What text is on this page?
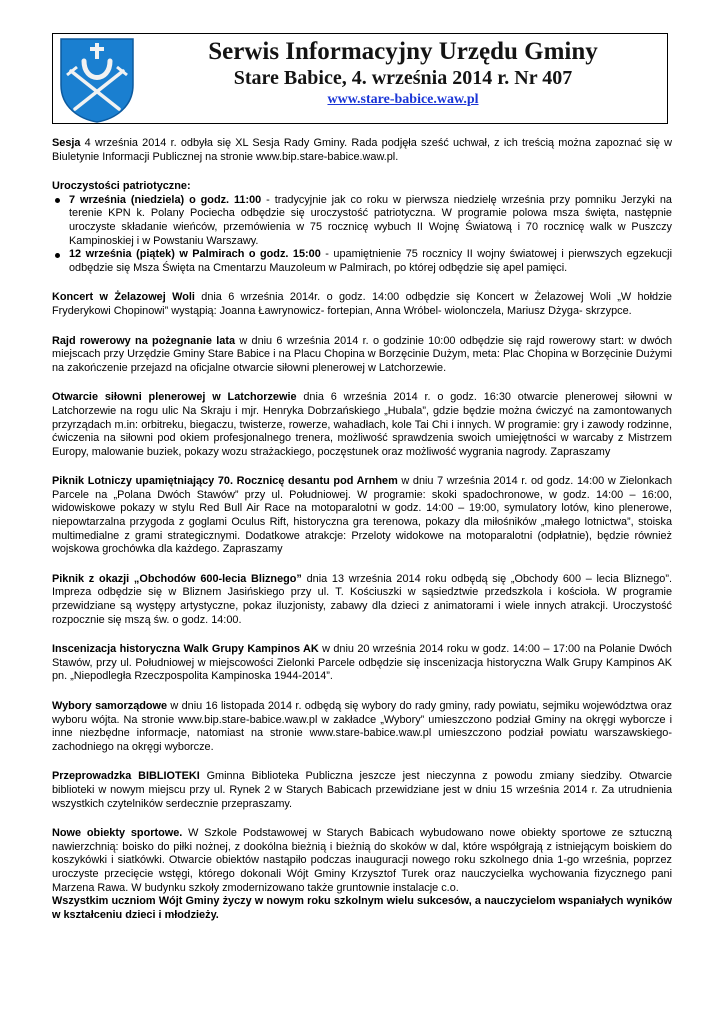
Serwis Informacyjny Urzędu Gminy
Stare Babice, 4. września 2014 r. Nr 407
www.stare-babice.waw.pl

Sesja 4 września 2014 r. odbyła się XL Sesja Rady Gminy. Rada podjęła sześć uchwał, z ich treścią można zapoznać się w Biuletynie Informacji Publicznej na stronie www.bip.stare-babice.waw.pl.

Uroczystości patriotyczne:

7 września (niedziela) o godz. 11:00 - tradycyjnie jak co roku w pierwsza niedzielę września przy pomniku Jerzyki na terenie KPN k. Polany Pociecha odbędzie się uroczystość patriotyczna. W programie polowa msza święta, następnie uroczyste składanie wieńców, przemówienia w 75 rocznicę wybuch II Wojnę Światową i 70 rocznicę walk w Puszczy Kampinoskiej i w Powstaniu Warszawy.
12 września (piątek) w Palmirach o godz. 15:00 - upamiętnienie 75 rocznicy II wojny światowej i pierwszych egzekucji odbędzie się Msza Święta na Cmentarzu Mauzoleum w Palmirach, po której odbędzie się apel pamięci.

Koncert w Żelazowej Woli dnia 6 września 2014r. o godz. 14:00 odbędzie się Koncert w Żelazowej Woli „W hołdzie Fryderykowi Chopinowi” wystąpią: Joanna Ławrynowicz- fortepian, Anna Wróbel- wiolonczela, Mariusz Dżyga- skrzypce.

Rajd rowerowy na pożegnanie lata w dniu 6 września 2014 r. o godzinie 10:00 odbędzie się rajd rowerowy start: w dwóch miejscach przy Urzędzie Gminy Stare Babice i na Placu Chopina w Borzęcinie Dużym, meta: Plac Chopina w Borzęcinie Dużymi na zakończenie przejazd na oficjalne otwarcie siłowni plenerowej w Latchorzewie.

Otwarcie siłowni plenerowej w Latchorzewie dnia 6 września 2014 r. o godz. 16:30 otwarcie plenerowej siłowni w Latchorzewie na rogu ulic Na Skraju i mjr. Henryka Dobrzańskiego „Hubala”, gdzie będzie można ćwiczyć na zamontowanych przyrządach m.in: orbitreku, biegaczu, twisterze, rowerze, wahadłach, kole Tai Chi i innych. W programie: gry i zawody rodzinne, ćwiczenia na siłowni pod okiem profesjonalnego trenera, możliwość sprawdzenia swoich umiejętności w warcaby z Mistrzem Europy, malowanie buziek, pokazy wozu strażackiego, poczęstunek oraz możliwość wygrania nagrody. Zapraszamy

Piknik Lotniczy upamiętniający 70. Rocznicę desantu pod Arnhem w dniu 7 września 2014 r. od godz. 14:00 w Zielonkach Parcele na „Polana Dwóch Stawów” przy ul. Południowej. W programie: skoki spadochronowe, w godz. 14:00 – 16:00, widowiskowe pokazy w stylu Red Bull Air Race na motoparalotni w godz. 14:00 – 19:00, symulatory lotów, kino plenerowe, niepowtarzalna przygoda z goglami Oculus Rift, historyczna gra terenowa, pokazy dla miłośników „małego lotnictwa”, stoiska multimedialne z grami strategicznymi. Dodatkowe atrakcje: Przeloty widokowe na motoparalotni (odpłatnie), będzie również wojskowa grochówka dla każdego. Zapraszamy

Piknik z okazji „Obchodów 600-lecia Bliznego” dnia 13 września 2014 roku odbędą się „Obchody 600 – lecia Bliznego”. Impreza odbędzie się w Bliznem Jasińskiego przy ul. T. Kościuszki w sąsiedztwie przedszkola i kościoła. W programie przewidziane są występy artystyczne, pokaz iluzjonisty, zabawy dla dzieci z animatorami i wiele innych atrakcji. Uroczystość rozpocznie się mszą św. o godz. 14:00.

Inscenizacja historyczna Walk Grupy Kampinos AK w dniu 20 września 2014 roku w godz. 14:00 – 17:00 na Polanie Dwóch Stawów, przy ul. Południowej w miejscowości Zielonki Parcele odbędzie się inscenizacja historyczna Walk Grupy Kampinos AK pn. „Niepodległa Rzeczpospolita Kampinoska 1944-2014”.

Wybory samorządowe w dniu 16 listopada 2014 r. odbędą się wybory do rady gminy, rady powiatu, sejmiku województwa oraz wyboru wójta. Na stronie www.bip.stare-babice.waw.pl w zakładce „Wybory” umieszczono podział Gminy na okręgi wyborcze i inne niezbędne informacje, natomiast na stronie www.stare-babice.waw.pl umieszczono podział powiatu warszawskiego-zachodniego na okręgi wyborcze.

Przeprowadzka BIBLIOTEKI Gminna Biblioteka Publiczna jeszcze jest nieczynna z powodu zmiany siedziby. Otwarcie biblioteki w nowym miejscu przy ul. Rynek 2 w Starych Babicach przewidziane jest w dniu 15 września 2014 r. Za utrudnienia wszystkich czytelników serdecznie przepraszamy.

Nowe obiekty sportowe. W Szkole Podstawowej w Starych Babicach wybudowano nowe obiekty sportowe ze sztuczną nawierzchnią: boisko do piłki nożnej, z dookólna bieżnią i bieżnią do skoków w dal, które współgrają z istniejącym boiskiem do koszykówki i siatkówki. Otwarcie obiektów nastąpiło podczas inauguracji nowego roku szkolnego dnia 1-go września, poprzez uroczyste przecięcie wstęgi, którego dokonali Wójt Gminy Krzysztof Turek oraz nauczycielka wychowania fizycznego pani Marzena Rawa. W budynku szkoły zmodernizowano także gruntownie instalacje c.o.

Wszystkim uczniom Wójt Gminy życzy w nowym roku szkolnym wielu sukcesów, a nauczycielom wspaniałych wyników w kształceniu dzieci i młodzieży.
